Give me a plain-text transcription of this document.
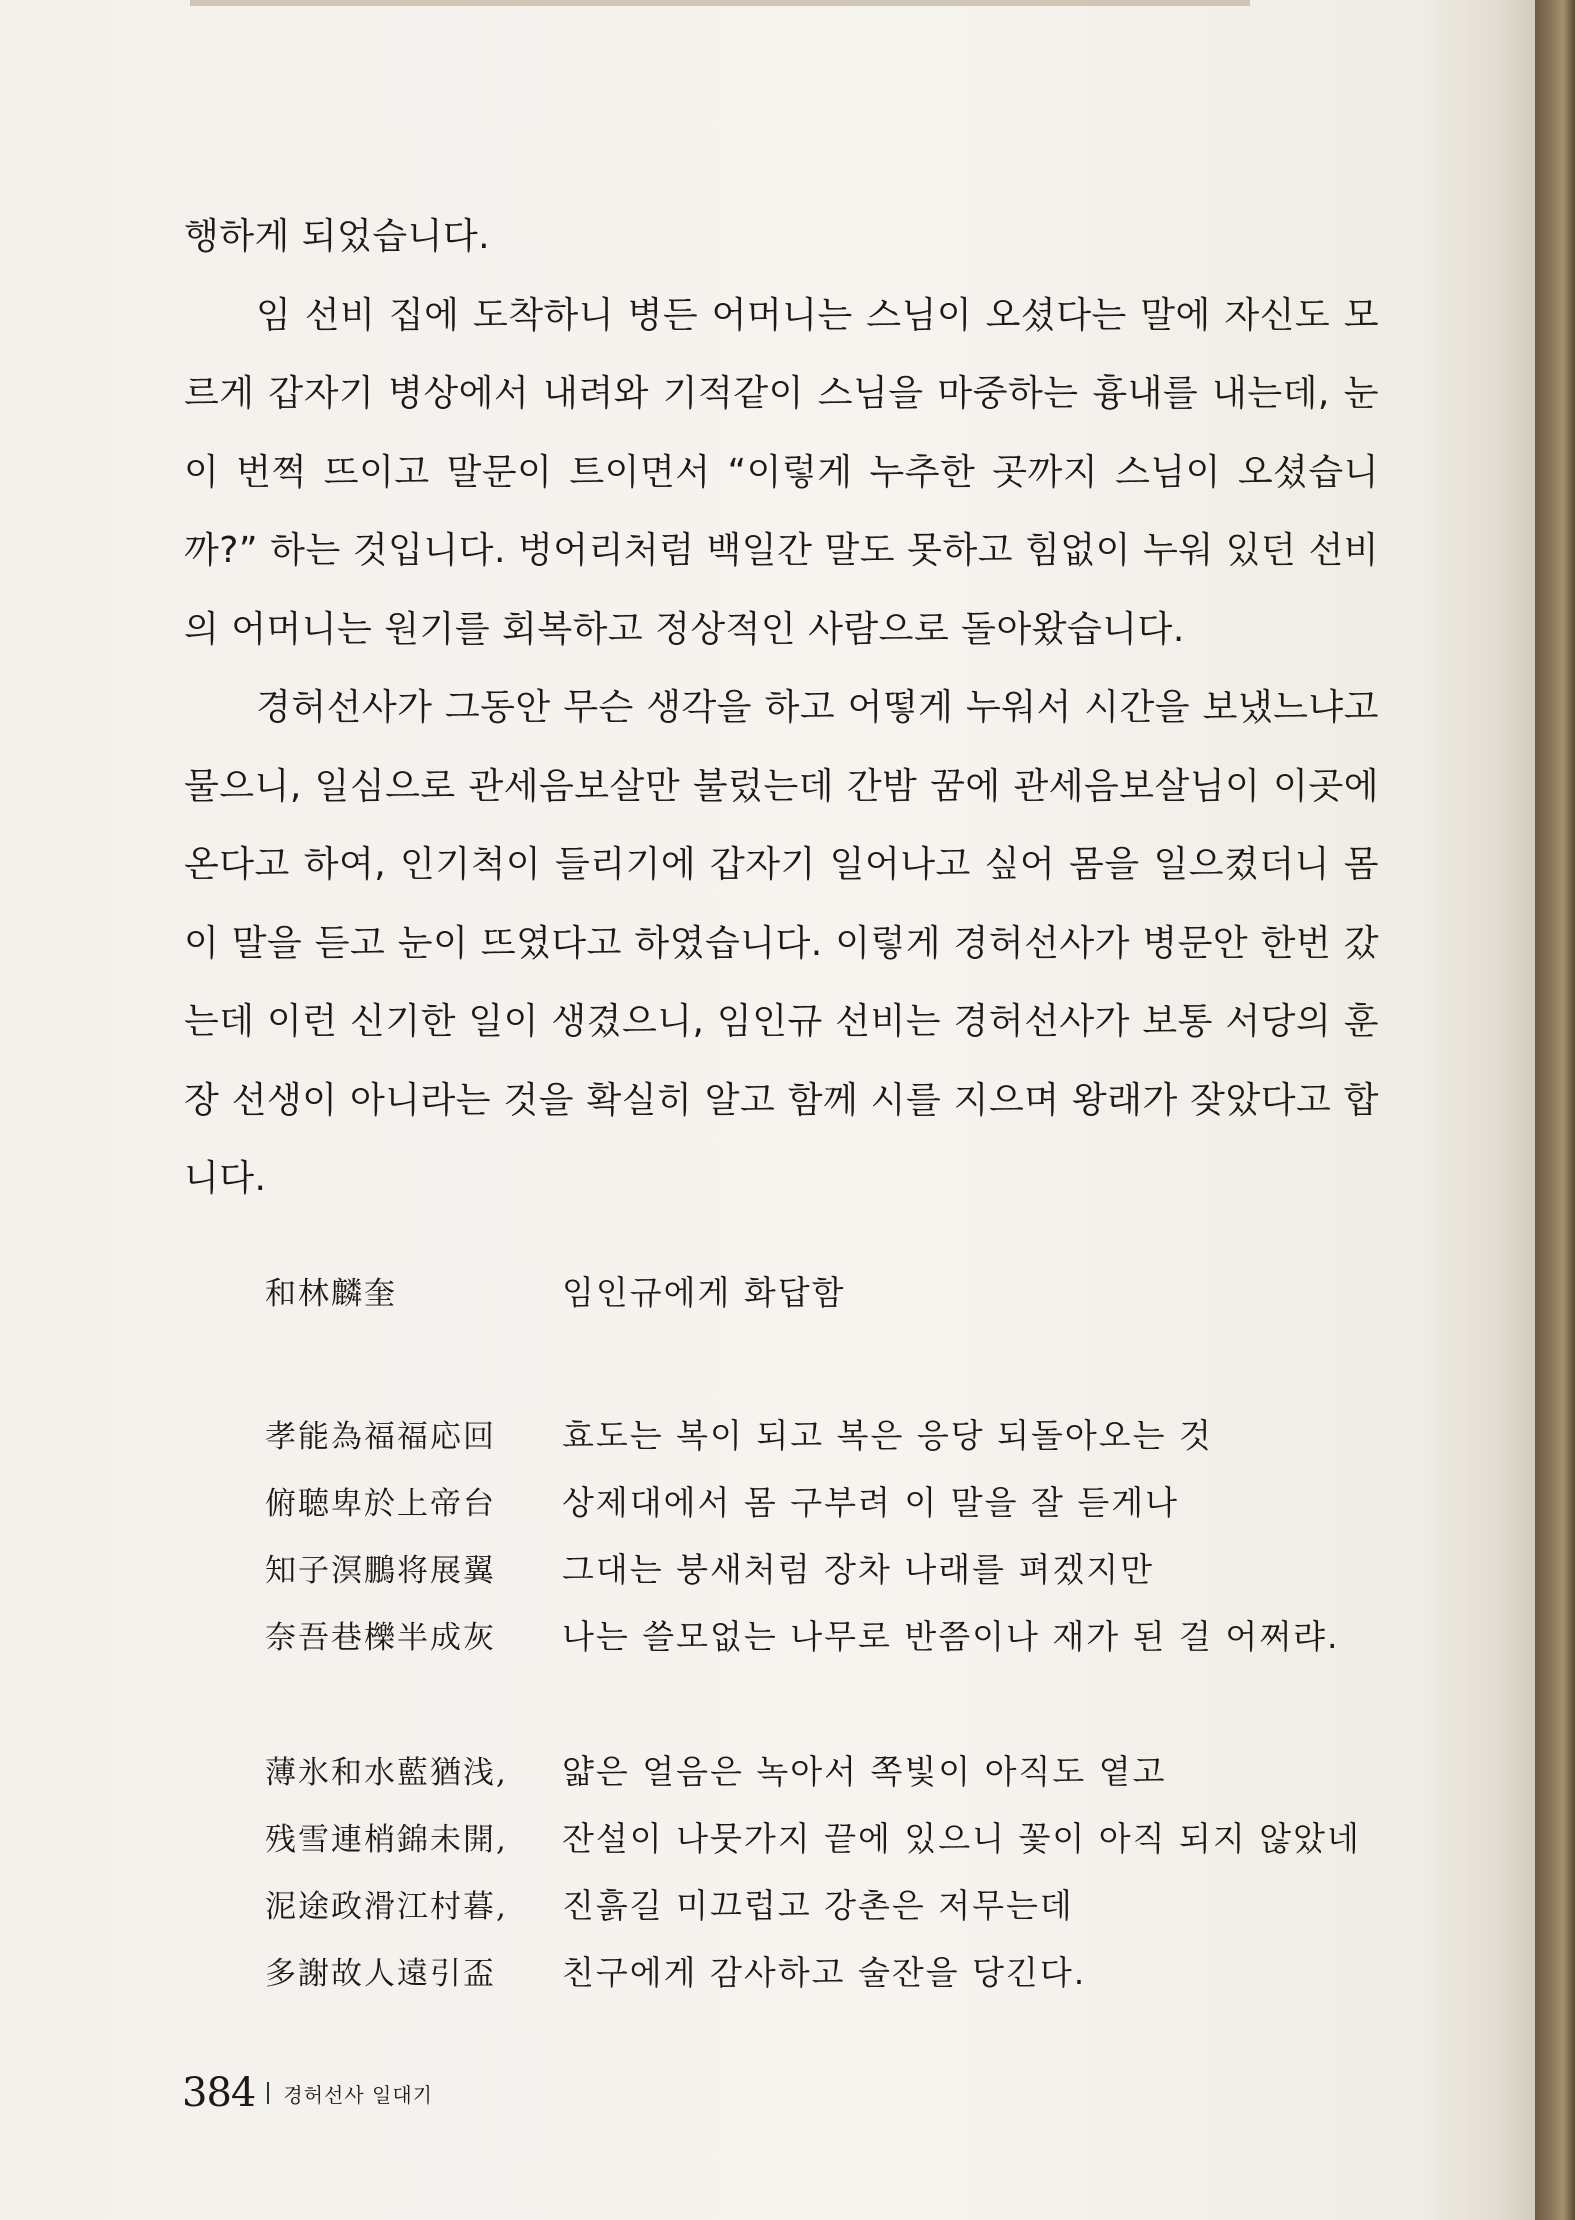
행하게 되었습니다.

임 선비 집에 도착하니 병든 어머니는 스님이 오셨다는 말에 자신도 모르게 갑자기 병상에서 내려와 기적같이 스님을 마중하는 흉내를 내는데, 눈이 번쩍 뜨이고 말문이 트이면서 “이렇게 누추한 곳까지 스님이 오셨습니까?” 하는 것입니다. 벙어리처럼 백일간 말도 못하고 힘없이 누워 있던 선비의 어머니는 원기를 회복하고 정상적인 사람으로 돌아왔습니다.

경허선사가 그동안 무슨 생각을 하고 어떻게 누워서 시간을 보냈느냐고 물으니, 일심으로 관세음보살만 불렀는데 간밤 꿈에 관세음보살님이 이곳에 온다고 하여, 인기척이 들리기에 갑자기 일어나고 싶어 몸을 일으켰더니 몸이 말을 듣고 눈이 뜨였다고 하였습니다. 이렇게 경허선사가 병문안 한번 갔는데 이런 신기한 일이 생겼으니, 임인규 선비는 경허선사가 보통 서당의 훈장 선생이 아니라는 것을 확실히 알고 함께 시를 지으며 왕래가 잦았다고 합니다.

和林麟奎	임인규에게 화답함
孝能為福福応回	효도는 복이 되고 복은 응당 되돌아오는 것
俯聴卑於上帝台	상제대에서 몸 구부려 이 말을 잘 듣게나
知子溟鵬将展翼	그대는 붕새처럼 장차 나래를 펴겠지만
奈吾巷櫟半成灰	나는 쓸모없는 나무로 반쯤이나 재가 된 걸 어쩌랴.
薄氷和水藍猶浅,	얇은 얼음은 녹아서 쪽빛이 아직도 옅고
残雪連梢錦未開,	잔설이 나뭇가지 끝에 있으니 꽃이 아직 되지 않았네
泥途政滑江村暮,	진흙길 미끄럽고 강촌은 저무는데
多謝故人遠引盃	친구에게 감사하고 술잔을 당긴다.
384 경허선사 일대기
